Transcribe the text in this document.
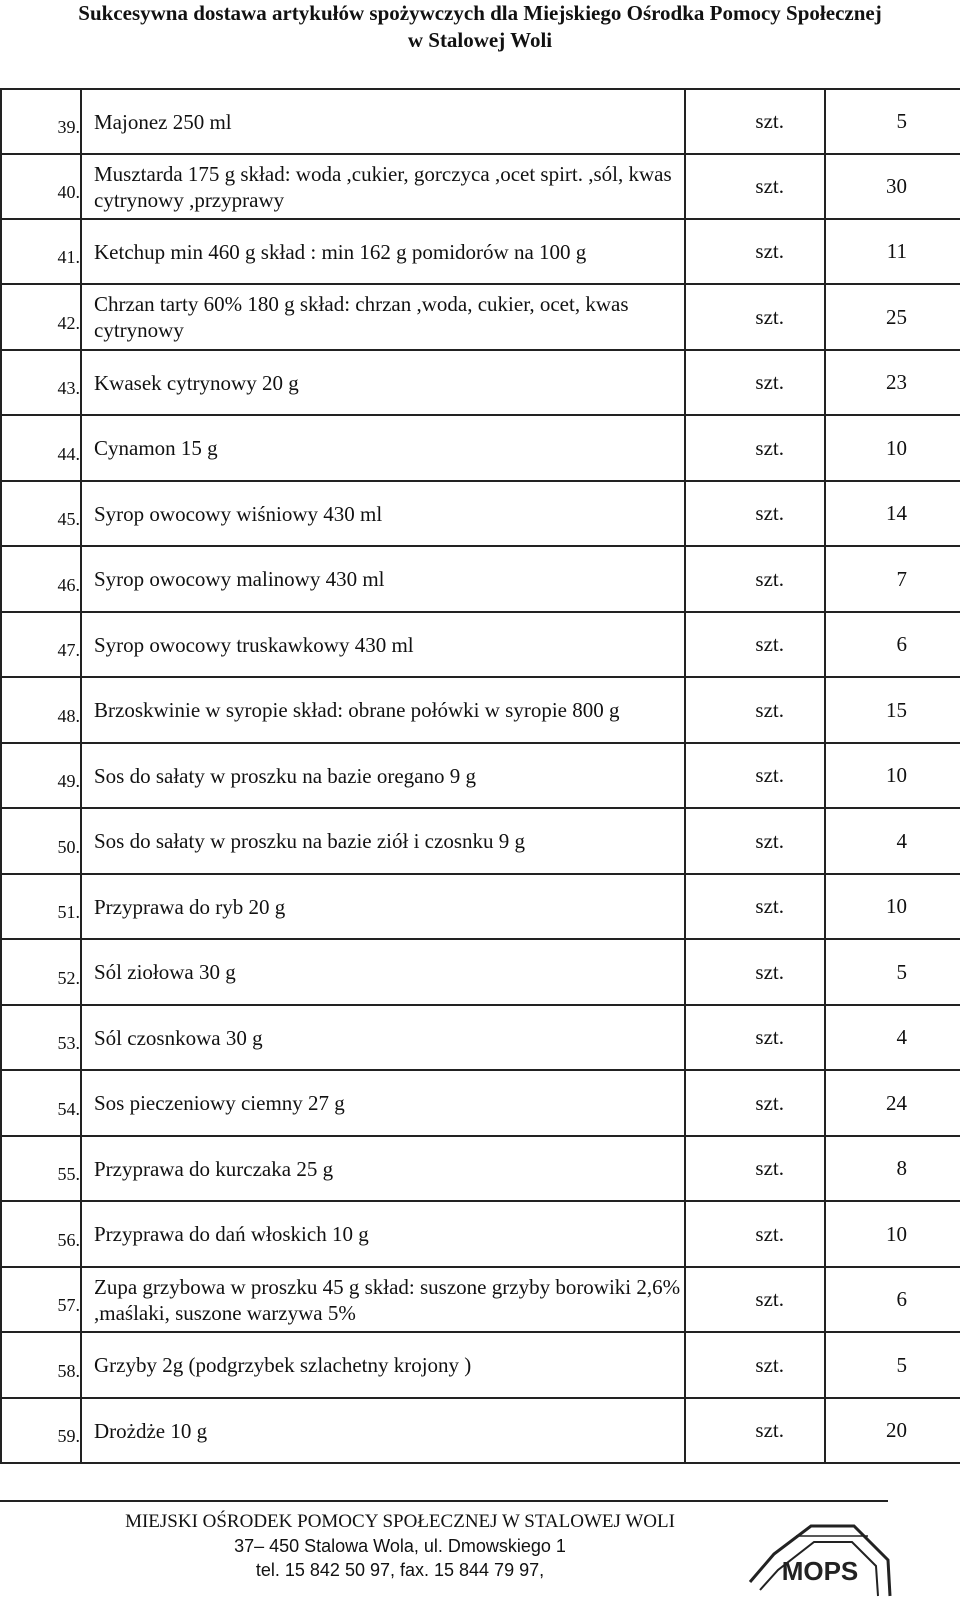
Sukcesywna dostawa artykułów spożywczych dla Miejskiego Ośrodka Pomocy Społecznej
w Stalowej Woli
39.	Majonez 250 ml	szt.	5
40.	Musztarda 175 g skład: woda ,cukier, gorczyca ,ocet spirt. ,sól, kwas cytrynowy ,przyprawy	szt.	30
41.	Ketchup min 460 g skład : min 162 g pomidorów na 100 g	szt.	11
42.	Chrzan tarty 60% 180 g skład: chrzan ,woda, cukier, ocet, kwas cytrynowy	szt.	25
43.	Kwasek cytrynowy 20 g	szt.	23
44.	Cynamon 15 g	szt.	10
45.	Syrop owocowy wiśniowy 430 ml	szt.	14
46.	Syrop owocowy malinowy 430 ml	szt.	7
47.	Syrop owocowy truskawkowy 430 ml	szt.	6
48.	Brzoskwinie w syropie skład: obrane połówki w syropie 800 g	szt.	15
49.	Sos do sałaty w proszku na bazie oregano 9 g	szt.	10
50.	Sos do sałaty w proszku na bazie ziół i czosnku 9 g	szt.	4
51.	Przyprawa do ryb 20 g	szt.	10
52.	Sól ziołowa 30 g	szt.	5
53.	Sól czosnkowa 30 g	szt.	4
54.	Sos pieczeniowy ciemny 27 g	szt.	24
55.	Przyprawa do kurczaka 25 g	szt.	8
56.	Przyprawa do dań włoskich 10 g	szt.	10
57.	Zupa grzybowa w proszku 45 g skład: suszone grzyby borowiki 2,6% ,maślaki, suszone warzywa 5%	szt.	6
58.	Grzyby 2g (podgrzybek szlachetny krojony )	szt.	5
59.	Drożdże 10 g	szt.	20
MIEJSKI OŚRODEK POMOCY SPOŁECZNEJ W STALOWEJ WOLI
37– 450 Stalowa Wola, ul. Dmowskiego 1
tel. 15 842 50 97, fax. 15 844 79 97,	MOPS
